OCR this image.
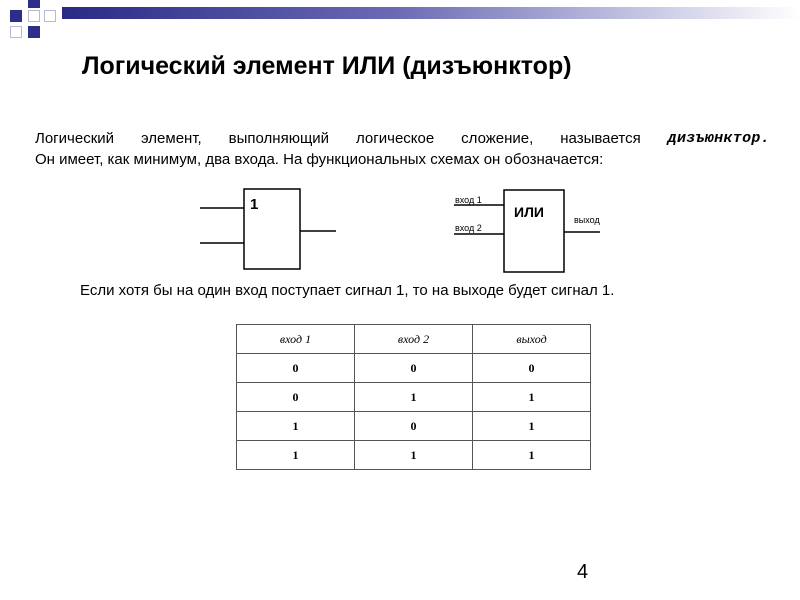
Логический элемент ИЛИ (дизъюнктор)
Логический элемент, выполняющий логическое сложение, называется дизъюнктор.
Он имеет, как минимум, два входа. На функциональных схемах он обозначается:
1	вход 1
вход 2
ИЛИ	выход

Если хотя бы на один вход поступает сигнал 1, то на выходе будет сигнал 1.

вход 1	вход 2	выход
0	0	0
0	1	1
1	0	1
1	1	1
4
